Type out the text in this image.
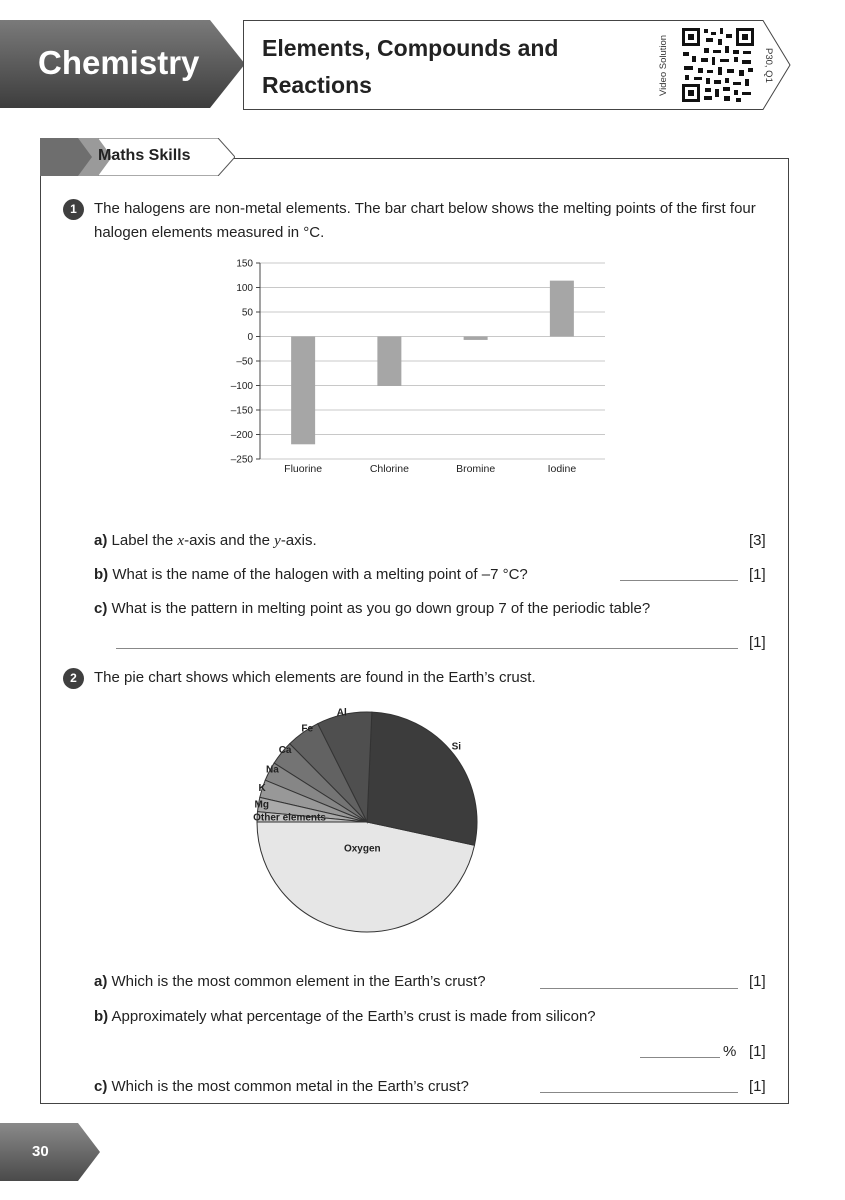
Chemistry	Elements, Compounds and
Reactions	Video Solution	P30, Q1
Maths Skills
1	The halogens are non-metal elements. The bar chart below shows the melting points of the first four halogen elements measured in °C.
150
100
50
0
–50
–100
–150
–200
–250
Fluorine	Chlorine	Bromine	Iodine
a) Label the x-axis and the y-axis.	[3]
b) What is the name of the halogen with a melting point of –7 °C?	[1]
c) What is the pattern in melting point as you go down group 7 of the periodic table?
[1]
2	The pie chart shows which elements are found in the Earth’s crust.
Oxygen
Si
Al
Fe
Ca
Na
K
Mg
Other elements
a) Which is the most common element in the Earth’s crust?	[1]
b) Approximately what percentage of the Earth’s crust is made from silicon?
% [1]
c) Which is the most common metal in the Earth’s crust?	[1]
30
